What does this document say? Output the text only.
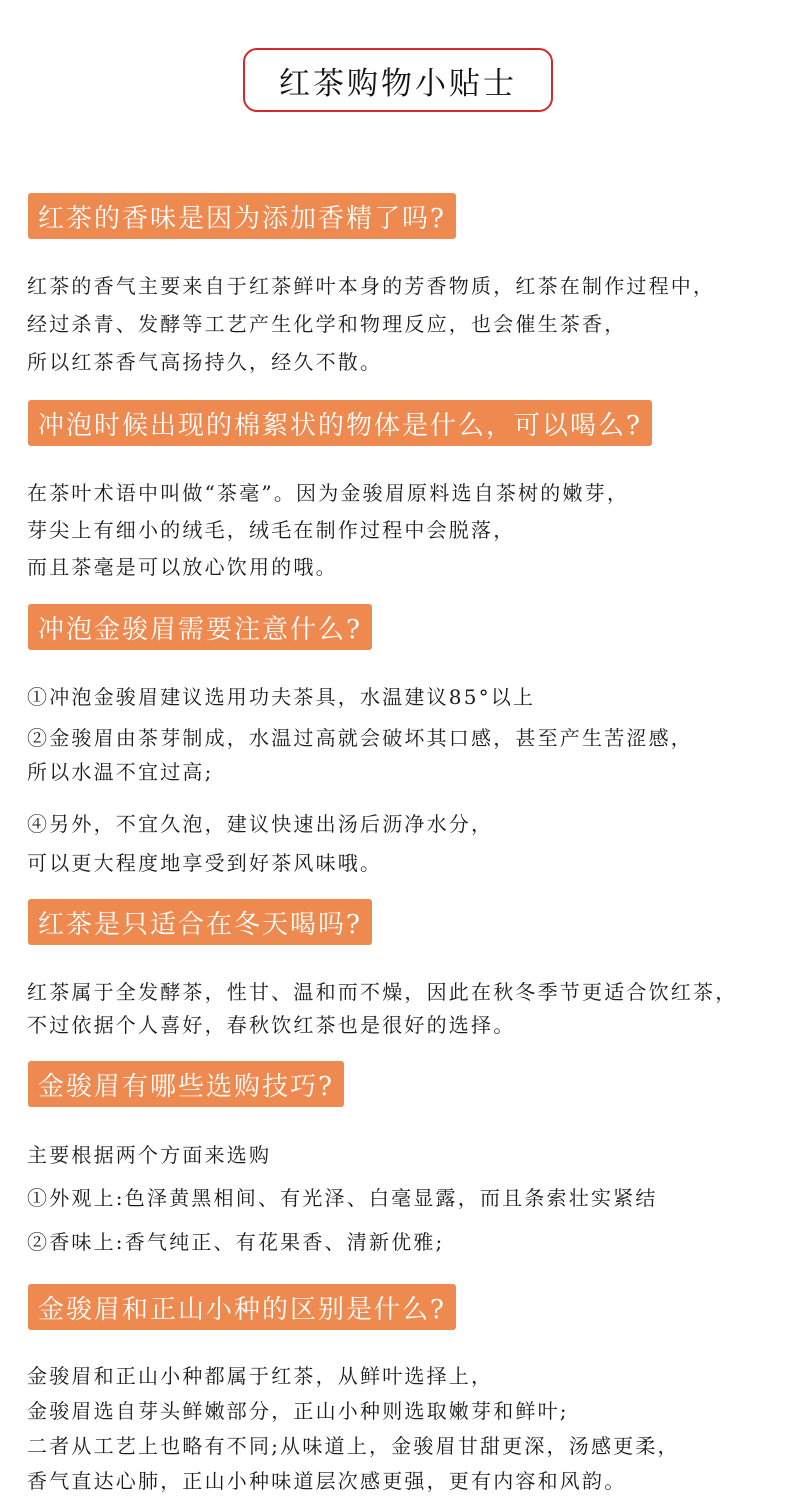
红茶购物小贴士
红茶的香味是因为添加香精了吗?
红茶的香气主要来自于红茶鲜叶本身的芳香物质，红茶在制作过程中，
经过杀青、发酵等工艺产生化学和物理反应，也会催生茶香，
所以红茶香气高扬持久，经久不散。
冲泡时候出现的棉絮状的物体是什么，可以喝么?
在茶叶术语中叫做“茶毫”。因为金骏眉原料选自茶树的嫩芽，
芽尖上有细小的绒毛，绒毛在制作过程中会脱落，
而且茶毫是可以放心饮用的哦。
冲泡金骏眉需要注意什么?
①冲泡金骏眉建议选用功夫茶具，水温建议85°以上
②金骏眉由茶芽制成，水温过高就会破坏其口感，甚至产生苦涩感，
所以水温不宜过高;
④另外，不宜久泡，建议快速出汤后沥净水分，
可以更大程度地享受到好茶风味哦。
红茶是只适合在冬天喝吗?
红茶属于全发酵茶，性甘、温和而不燥，因此在秋冬季节更适合饮红茶，
不过依据个人喜好，春秋饮红茶也是很好的选择。
金骏眉有哪些选购技巧?
主要根据两个方面来选购
①外观上:色泽黄黑相间、有光泽、白毫显露，而且条索壮实紧结
②香味上:香气纯正、有花果香、清新优雅;
金骏眉和正山小种的区别是什么?
金骏眉和正山小种都属于红茶，从鲜叶选择上，
金骏眉选自芽头鲜嫩部分，正山小种则选取嫩芽和鲜叶;
二者从工艺上也略有不同;从味道上，金骏眉甘甜更深，汤感更柔，
香气直达心肺，正山小种味道层次感更强，更有内容和风韵。
